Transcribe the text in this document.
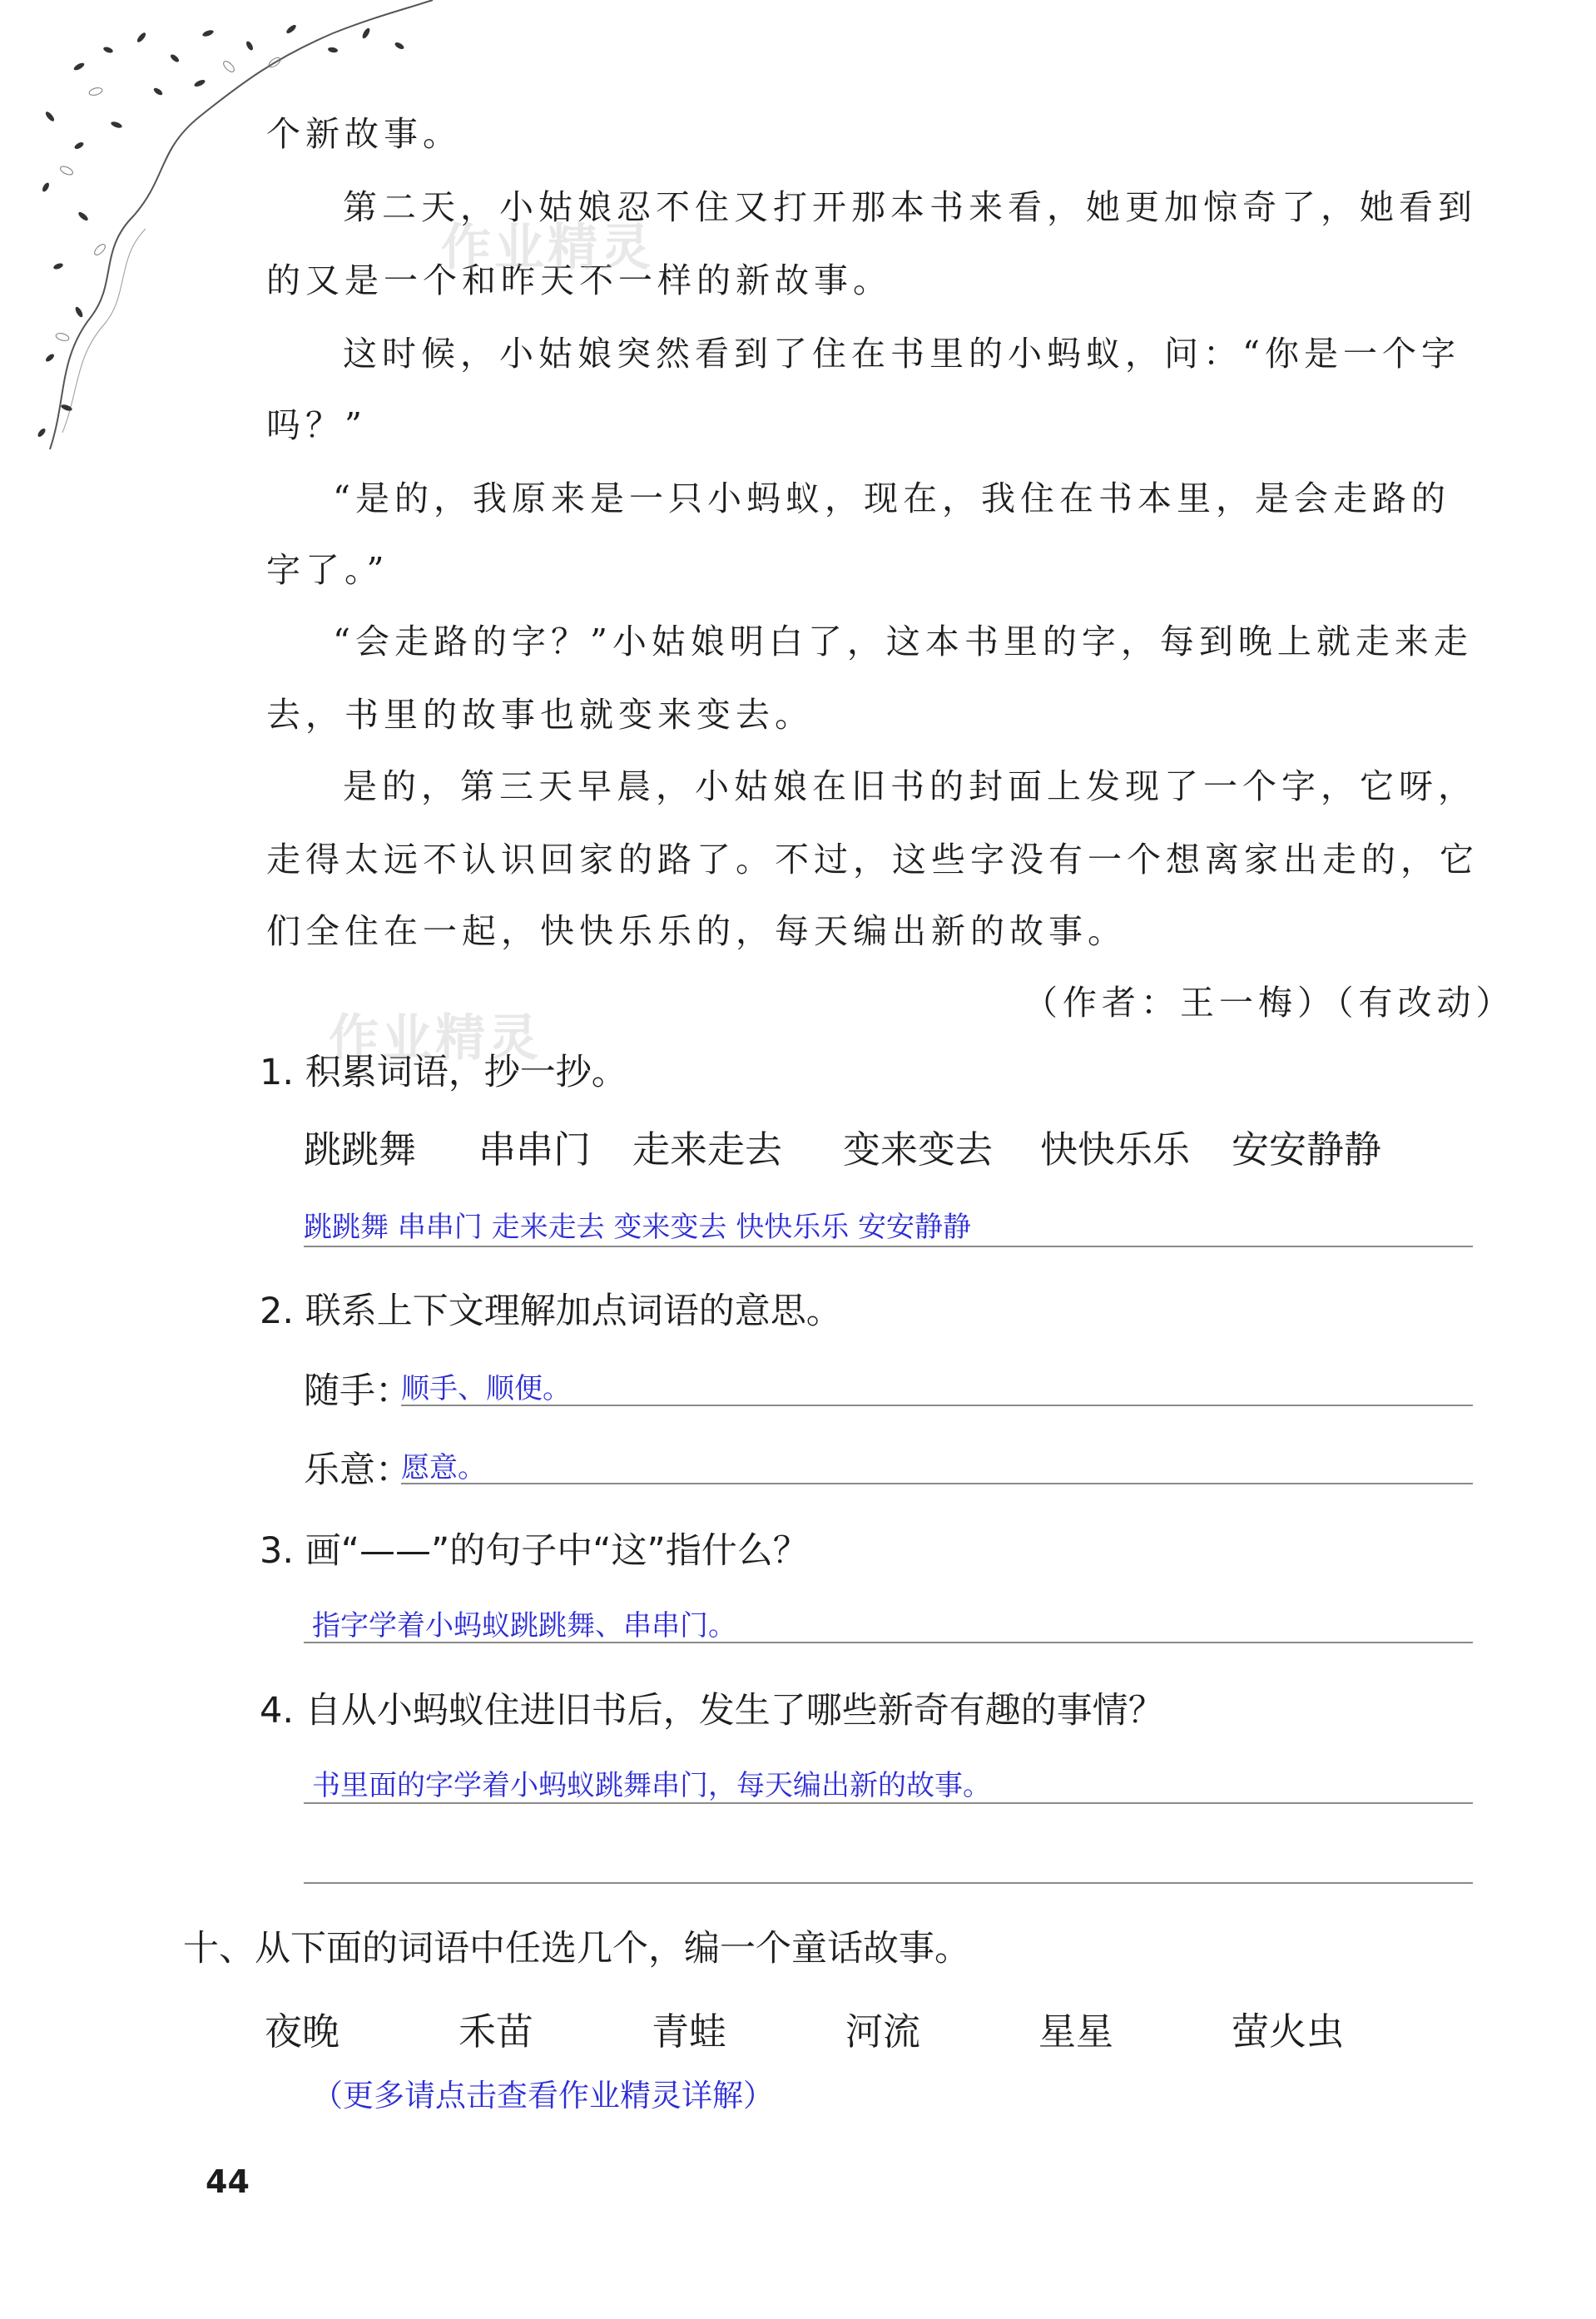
个新故事。

第二天，小姑娘忍不住又打开那本书来看，她更加惊奇了，她看到

的又是一个和昨天不一样的新故事。

这时候，小姑娘突然看到了住在书里的小蚂蚁，问：“你是一个字

吗？”

“是的，我原来是一只小蚂蚁，现在，我住在书本里，是会走路的

字了。”

“会走路的字？”小姑娘明白了，这本书里的字，每到晚上就走来走

去，书里的故事也就变来变去。

是的，第三天早晨，小姑娘在旧书的封面上发现了一个字，它呀，

走得太远不认识回家的路了。不过，这些字没有一个想离家出走的，它

们全住在一起，快快乐乐的，每天编出新的故事。

（作者：王一梅）（有改动）

作业精灵
作业精灵

1. 积累词语，抄一抄。

跳跳舞 串串门 走来走去 变来变去 快快乐乐 安安静静
跳跳舞 串串门 走来走去 变来变去 快快乐乐 安安静静

2. 联系上下文理解加点词语的意思。

随手：
顺手、顺便。
乐意：
愿意。

3. 画“——”的句子中“这”指什么？

指字学着小蚂蚁跳跳舞、串串门。

4. 自从小蚂蚁住进旧书后，发生了哪些新奇有趣的事情？

书里面的字学着小蚂蚁跳舞串门，每天编出新的故事。

十、从下面的词语中任选几个，编一个童话故事。

夜晚	禾苗	青蛙	河流	星星	萤火虫
（更多请点击查看作业精灵详解）
44
